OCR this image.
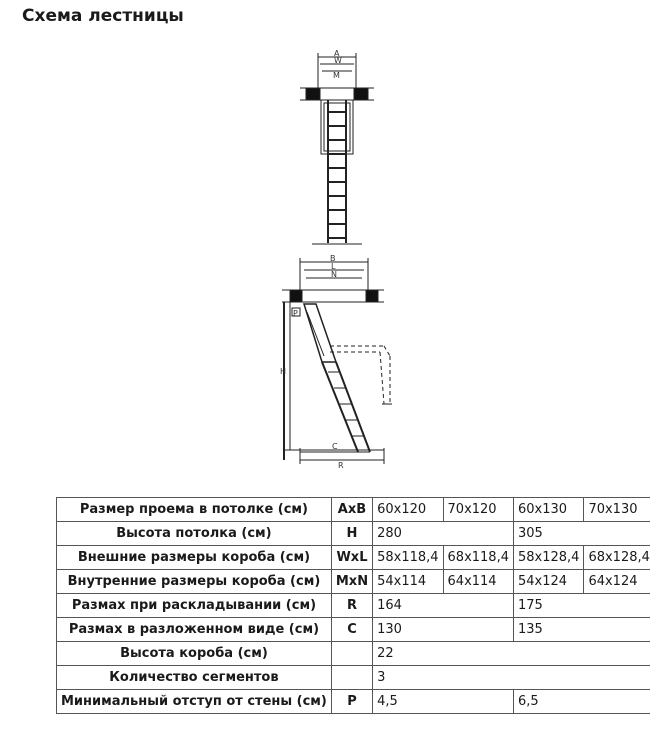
Схема лестницы
A
W
M
B
L
N
H
P
C
R
Размер проема в потолке (см)	AxB	60x120	70x120	60x130	70x130
Высота потолка (см)	H	280		305	
Внешние размеры короба (см)	WxL	58x118,4	68x118,4	58x128,4	68x128,4
Внутренние размеры короба (см)	MxN	54x114	64x114	54x124	64x124
Размах при раскладывании (см)	R	164		175	
Размах в разложенном виде (см)	C	130		135	
Высота короба (см)		22			
Количество сегментов		3			
Минимальный отступ от стены (см)	P	4,5		6,5	
